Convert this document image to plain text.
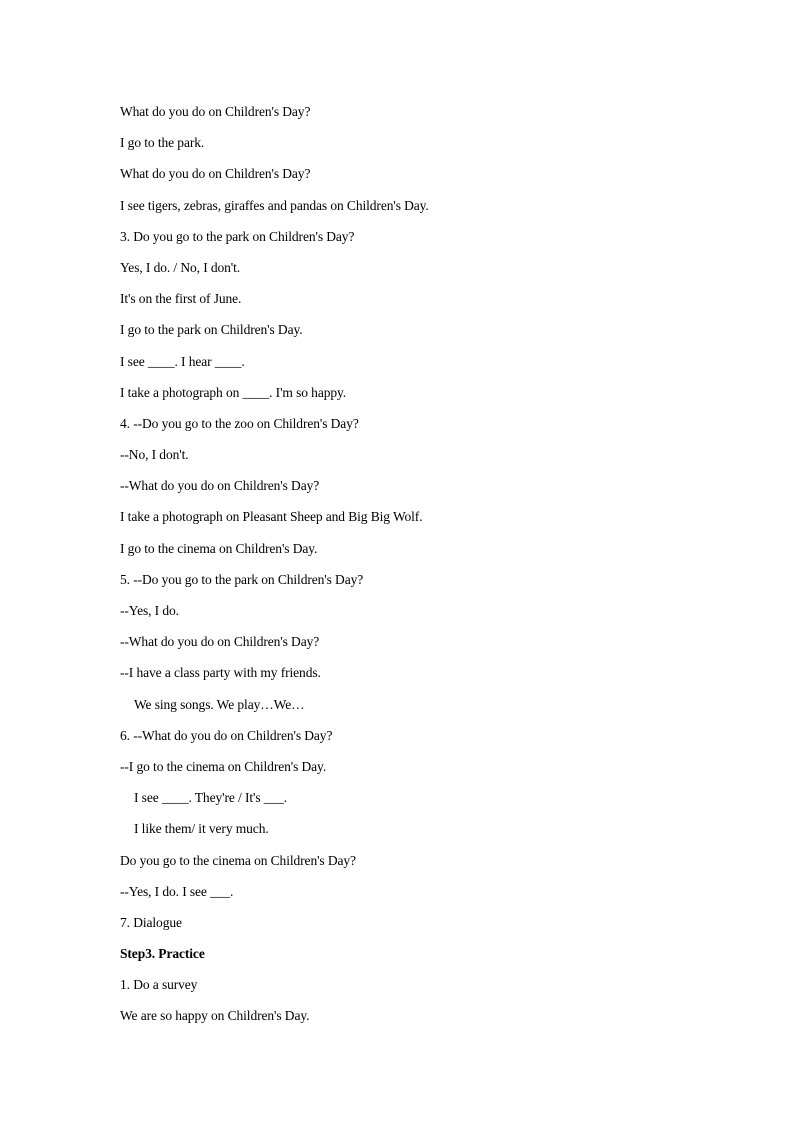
What do you do on Children's Day?
I go to the park.
What do you do on Children's Day?
I see tigers, zebras, giraffes and pandas on Children's Day.
3. Do you go to the park on Children's Day?
Yes, I do. / No, I don't.
It's on the first of June.
I go to the park on Children's Day.
I see ____. I hear ____.
I take a photograph on ____. I'm so happy.
4. --Do you go to the zoo on Children's Day?
--No, I don't.
--What do you do on Children's Day?
I take a photograph on Pleasant Sheep and Big Big Wolf.
I go to the cinema on Children's Day.
5. --Do you go to the park on Children's Day?
--Yes, I do.
--What do you do on Children's Day?
--I have a class party with my friends.
We sing songs. We play…We…
6. --What do you do on Children's Day?
--I go to the cinema on Children's Day.
I see ____. They're / It's ___.
I like them/ it very much.
Do you go to the cinema on Children's Day?
--Yes, I do. I see ___.
7. Dialogue
Step3. Practice
1. Do a survey
We are so happy on Children's Day.
